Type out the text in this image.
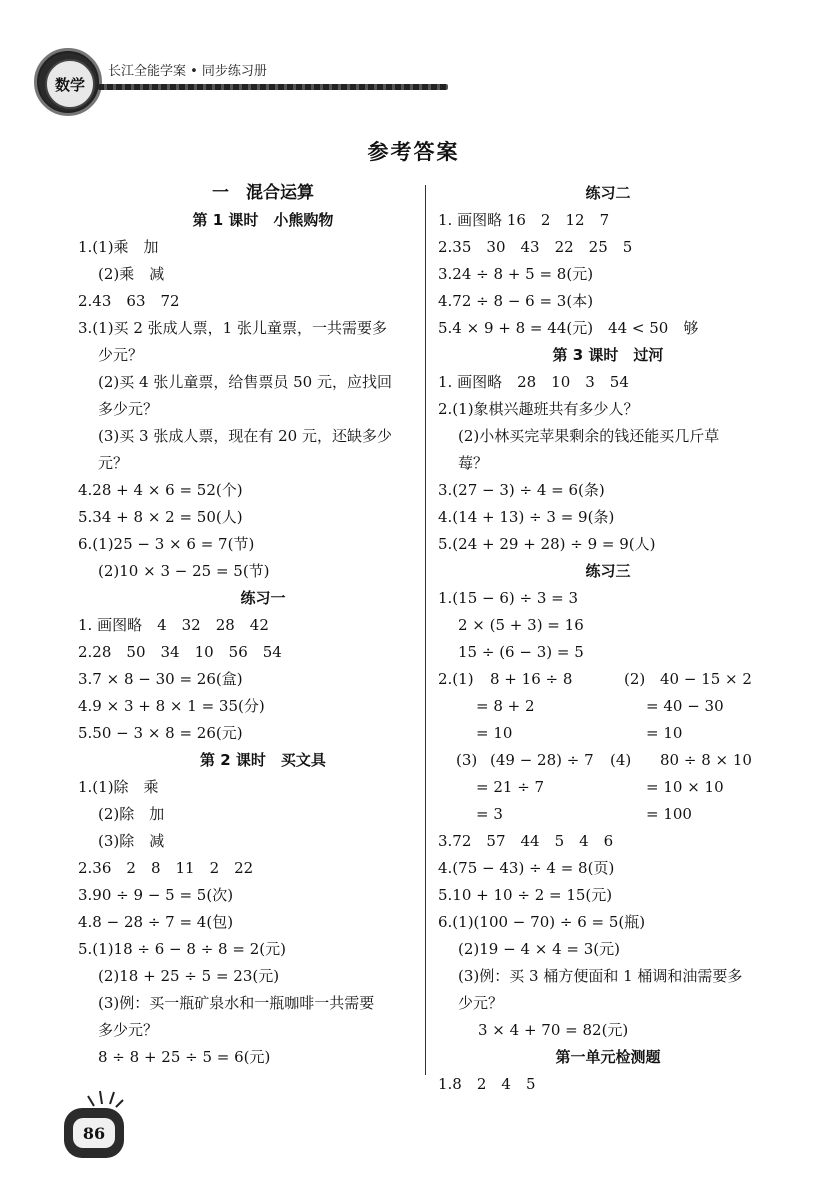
数学
长江全能学案 • 同步练习册
参考答案
一　混合运算
第 1 课时　小熊购物
1.(1)乘　加
(2)乘　减
2.43　63　72
3.(1)买 2 张成人票，1 张儿童票，一共需要多
少元？
(2)买 4 张儿童票，给售票员 50 元，应找回
多少元？
(3)买 3 张成人票，现在有 20 元，还缺多少
元？
4.28 + 4 × 6 = 52(个)
5.34 + 8 × 2 = 50(人)
6.(1)25 − 3 × 6 = 7(节)
(2)10 × 3 − 25 = 5(节)
练习一
1. 画图略　4　32　28　42
2.28　50　34　10　56　54
3.7 × 8 − 30 = 26(盒)
4.9 × 3 + 8 × 1 = 35(分)
5.50 − 3 × 8 = 26(元)
第 2 课时　买文具
1.(1)除　乘
(2)除　加
(3)除　减
2.36　2　8　11　2　22
3.90 ÷ 9 − 5 = 5(次)
4.8 − 28 ÷ 7 = 4(包)
5.(1)18 ÷ 6 − 8 ÷ 8 = 2(元)
(2)18 + 25 ÷ 5 = 23(元)
(3)例：买一瓶矿泉水和一瓶咖啡一共需要
多少元？
8 ÷ 8 + 25 ÷ 5 = 6(元)
练习二
1. 画图略 16　2　12　7
2.35　30　43　22　25　5
3.24 ÷ 8 + 5 = 8(元)
4.72 ÷ 8 − 6 = 3(本)
5.4 × 9 + 8 = 44(元)　44 < 50　够
第 3 课时　过河
1. 画图略　28　10　3　54
2.(1)象棋兴趣班共有多少人？
(2)小林买完苹果剩余的钱还能买几斤草
莓？
3.(27 − 3) ÷ 4 = 6(条)
4.(14 + 13) ÷ 3 = 9(条)
5.(24 + 29 + 28) ÷ 9 = 9(人)
练习三
1.(15 − 6) ÷ 3 = 3
2 × (5 + 3) = 16
15 ÷ (6 − 3) = 5
2.(1) 8 + 16 ÷ 8	(2) 40 − 15 × 2
= 8 + 2	= 40 − 30
= 10	= 10
(3) (49 − 28) ÷ 7 (4) 80 ÷ 8 × 10
= 21 ÷ 7	= 10 × 10
= 3	= 100
3.72　57　44　5　4　6
4.(75 − 43) ÷ 4 = 8(页)
5.10 + 10 ÷ 2 = 15(元)
6.(1)(100 − 70) ÷ 6 = 5(瓶)
(2)19 − 4 × 4 = 3(元)
(3)例：买 3 桶方便面和 1 桶调和油需要多
少元？
3 × 4 + 70 = 82(元)
第一单元检测题
1.8　2　4　5
86
